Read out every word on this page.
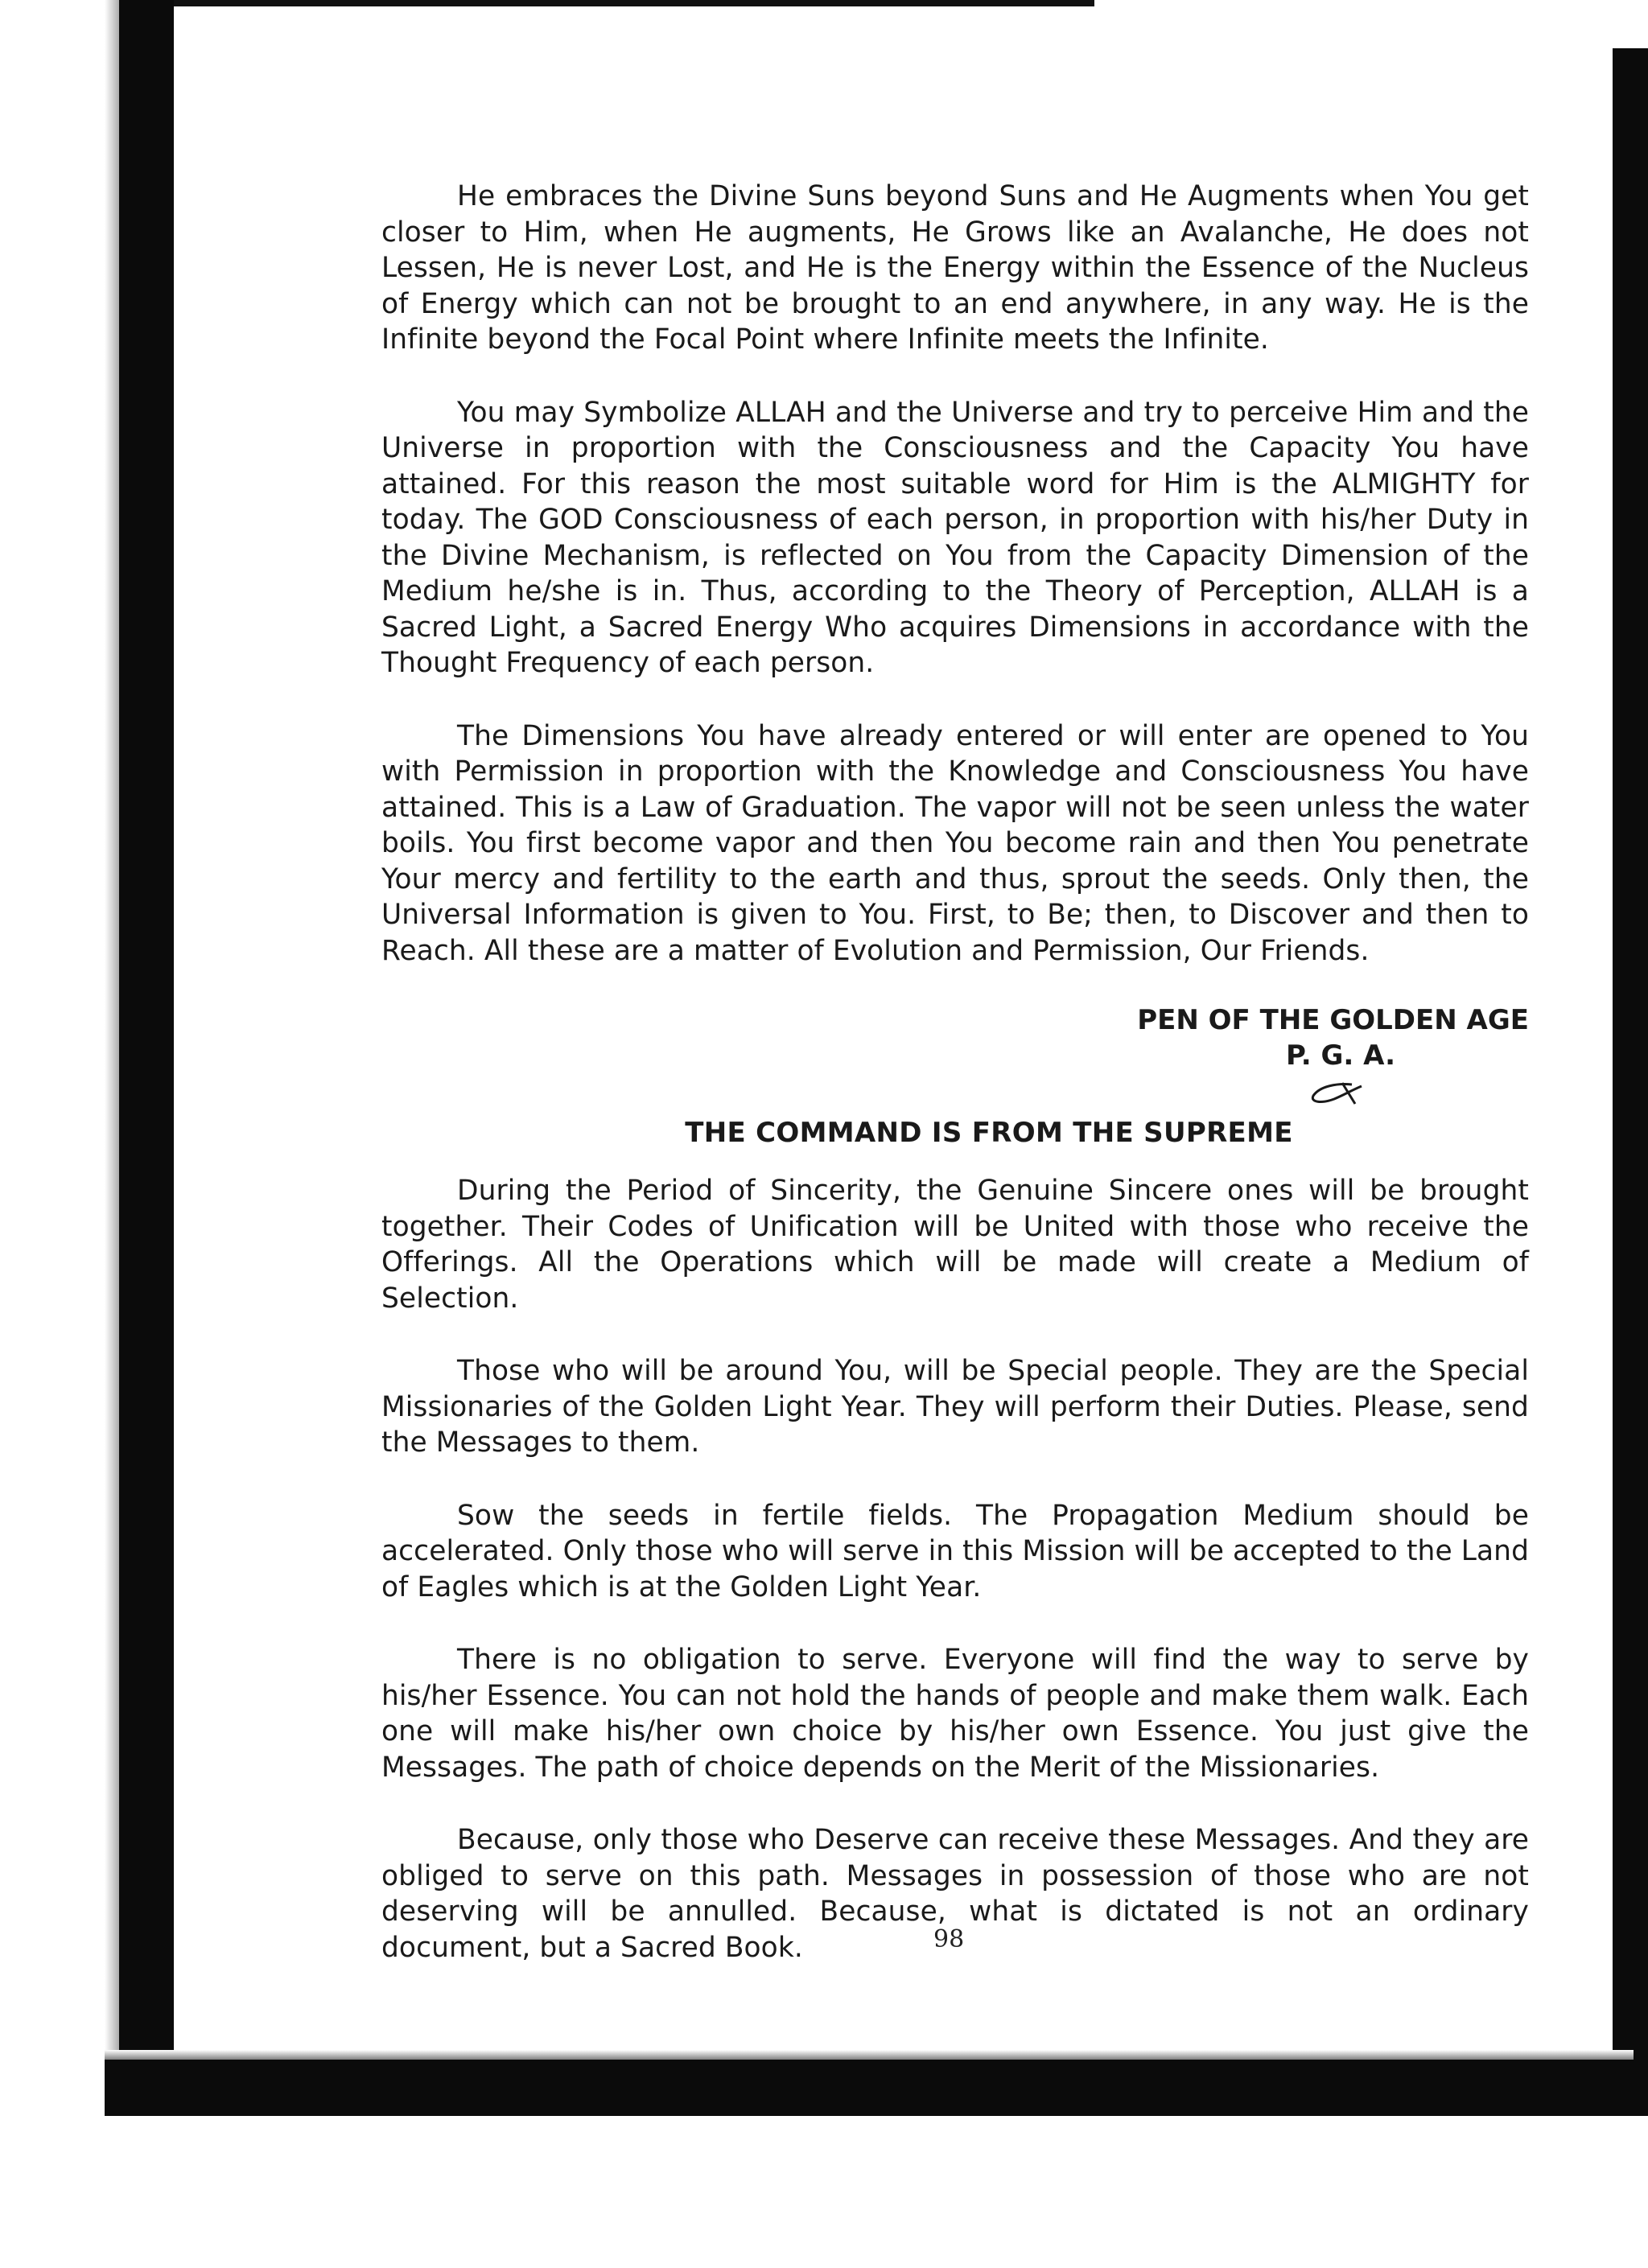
He embraces the Divine Suns beyond Suns and He Augments when You get closer to Him, when He augments, He Grows like an Avalanche, He does not Lessen, He is never Lost, and He is the Energy within the Essence of the Nucleus of Energy which can not be brought to an end anywhere, in any way. He is the Infinite beyond the Focal Point where Infinite meets the Infinite.

You may Symbolize ALLAH and the Universe and try to perceive Him and the Universe in proportion with the Consciousness and the Capacity You have attained. For this reason the most suitable word for Him is the ALMIGHTY for today. The GOD Consciousness of each person, in proportion with his/her Duty in the Divine Mechanism, is reflected on You from the Capacity Dimension of the Medium he/she is in. Thus, according to the Theory of Perception, ALLAH is a Sacred Light, a Sacred Energy Who acquires Dimensions in accordance with the Thought Frequency of each person.

The Dimensions You have already entered or will enter are opened to You with Permission in proportion with the Knowledge and Consciousness You have attained. This is a Law of Graduation. The vapor will not be seen unless the water boils. You first become vapor and then You become rain and then You penetrate Your mercy and fertility to the earth and thus, sprout the seeds. Only then, the Universal Information is given to You. First, to Be; then, to Discover and then to Reach. All these are a matter of Evolution and Permission, Our Friends.

PEN OF THE GOLDEN AGE
P. G. A.
THE COMMAND IS FROM THE SUPREME

During the Period of Sincerity, the Genuine Sincere ones will be brought together. Their Codes of Unification will be United with those who receive the Offerings. All the Operations which will be made will create a Medium of Selection.

Those who will be around You, will be Special people. They are the Special Missionaries of the Golden Light Year. They will perform their Duties. Please, send the Messages to them.

Sow the seeds in fertile fields. The Propagation Medium should be accelerated. Only those who will serve in this Mission will be accepted to the Land of Eagles which is at the Golden Light Year.

There is no obligation to serve. Everyone will find the way to serve by his/her Essence. You can not hold the hands of people and make them walk. Each one will make his/her own choice by his/her own Essence. You just give the Messages. The path of choice depends on the Merit of the Missionaries.

Because, only those who Deserve can receive these Messages. And they are obliged to serve on this path. Messages in possession of those who are not deserving will be annulled. Because, what is dictated is not an ordinary document, but a Sacred Book.	98
